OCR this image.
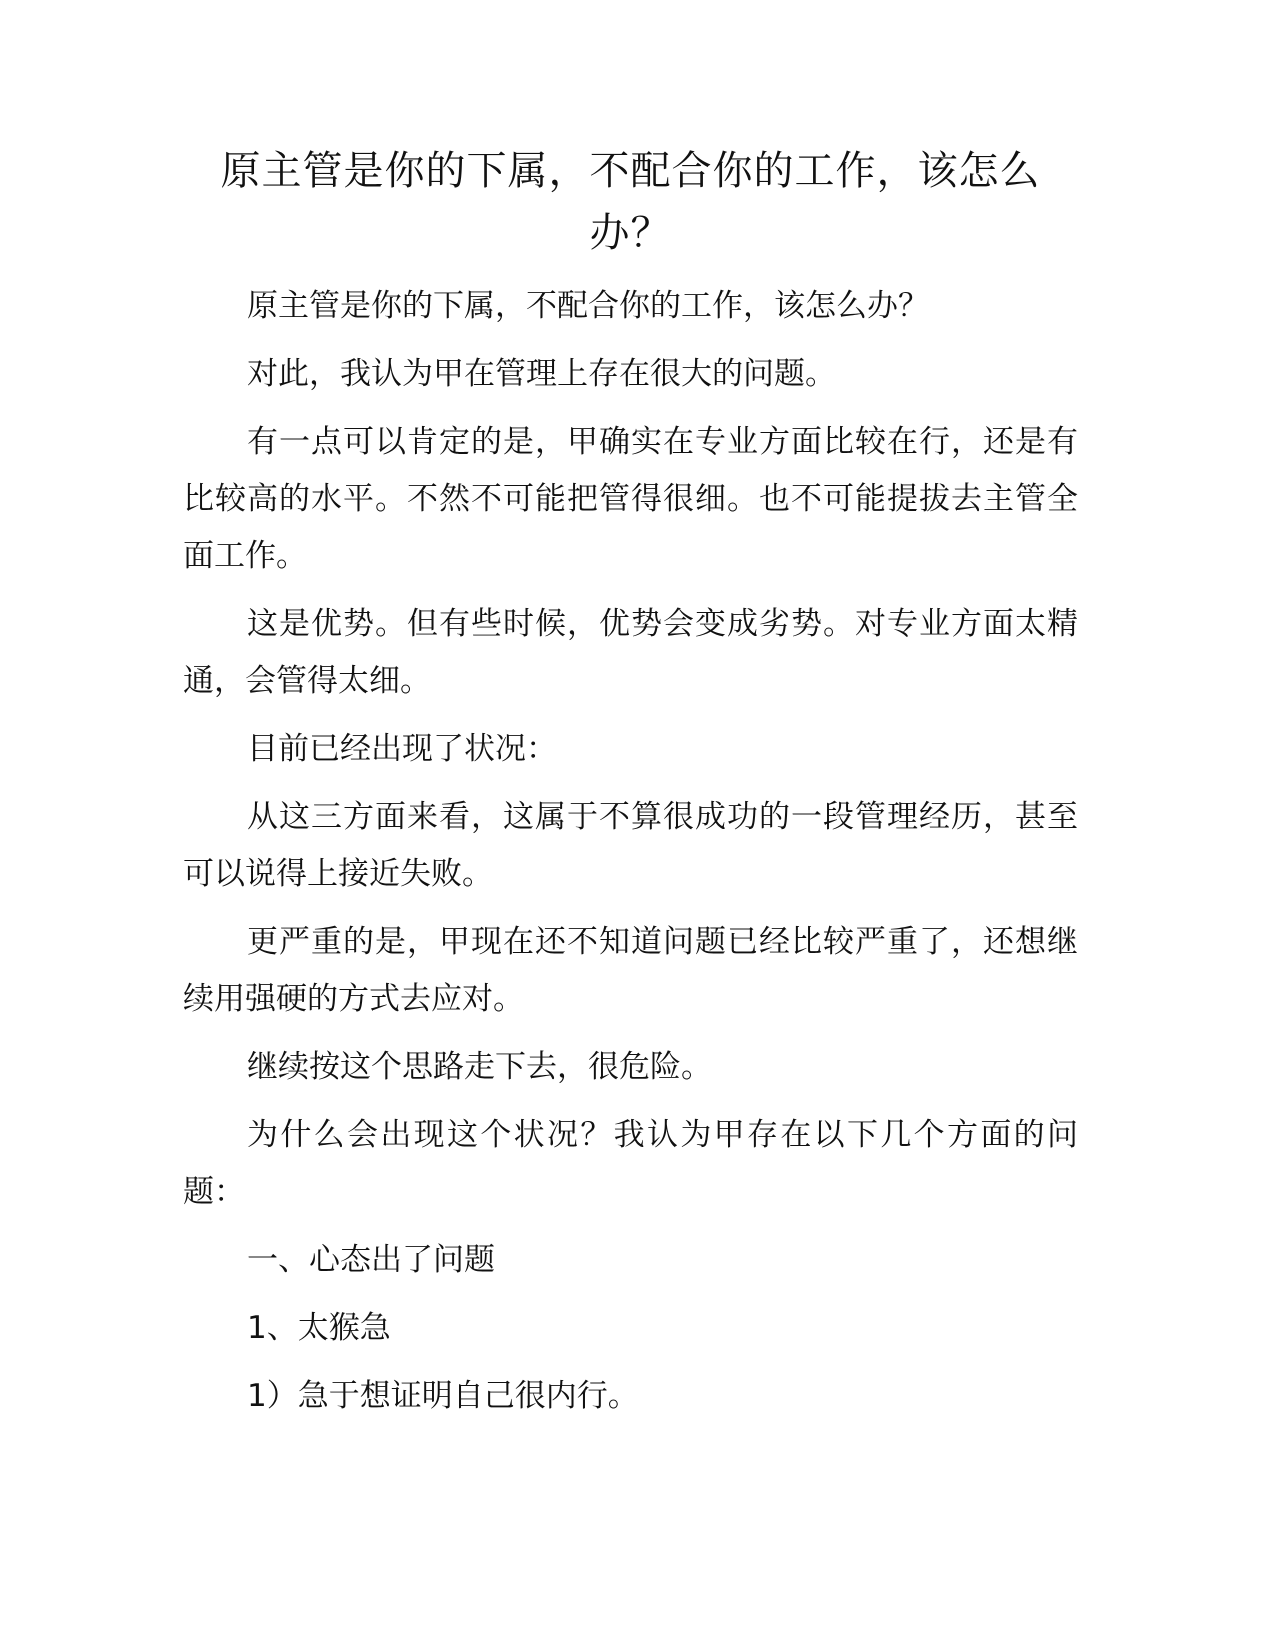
原主管是你的下属，不配合你的工作，该怎么办？

原主管是你的下属，不配合你的工作，该怎么办？

对此，我认为甲在管理上存在很大的问题。

有一点可以肯定的是，甲确实在专业方面比较在行，还是有比较高的水平。不然不可能把管得很细。也不可能提拔去主管全面工作。

这是优势。但有些时候，优势会变成劣势。对专业方面太精通，会管得太细。

目前已经出现了状况：

从这三方面来看，这属于不算很成功的一段管理经历，甚至可以说得上接近失败。

更严重的是，甲现在还不知道问题已经比较严重了，还想继续用强硬的方式去应对。

继续按这个思路走下去，很危险。

为什么会出现这个状况？我认为甲存在以下几个方面的问题：

一、心态出了问题

1、太猴急

1）急于想证明自己很内行。
